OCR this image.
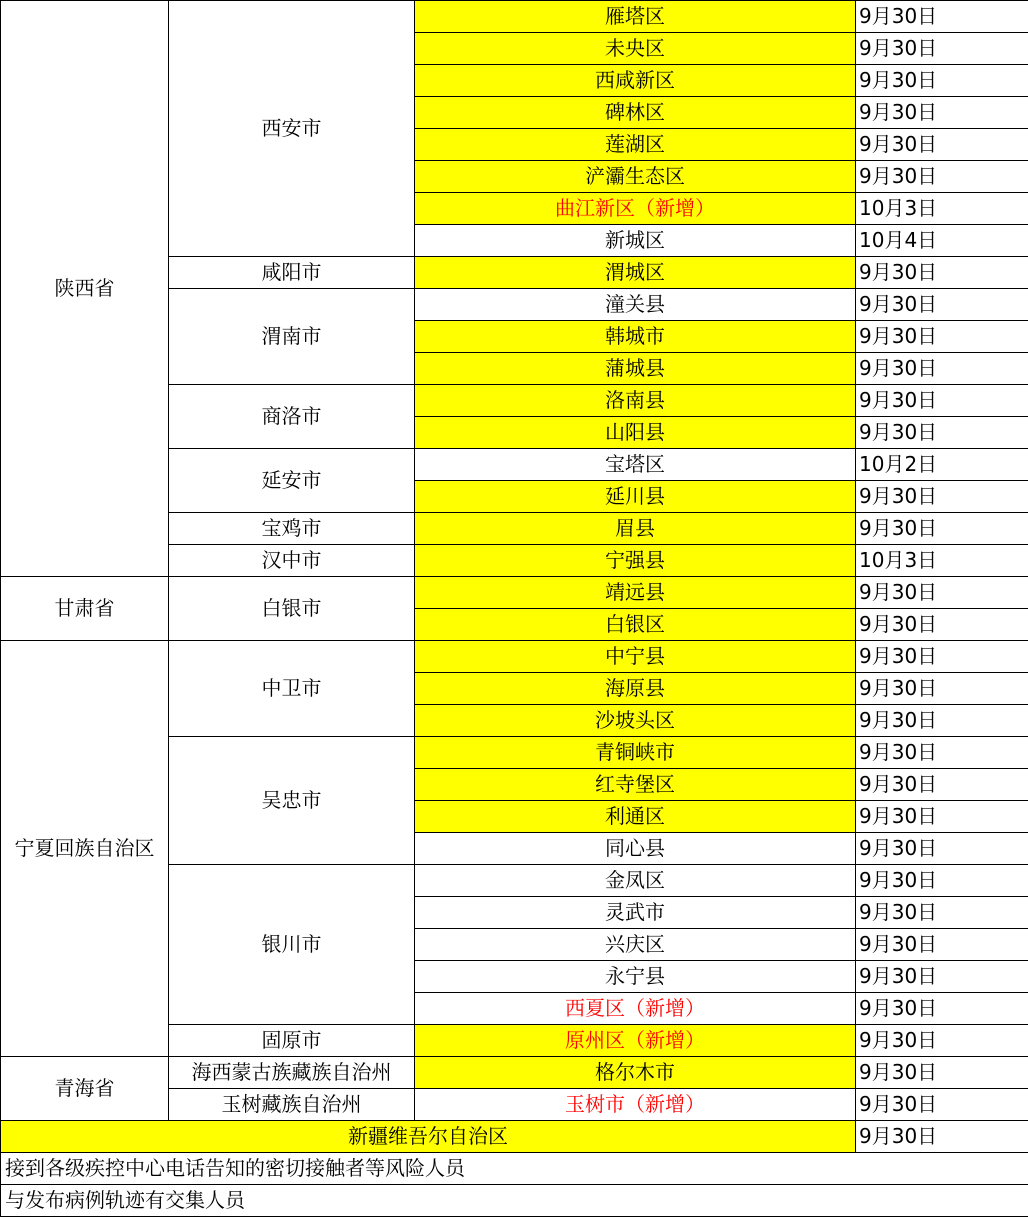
陕西省	西安市	雁塔区	9月30日
		未央区	9月30日
		西咸新区	9月30日
		碑林区	9月30日
		莲湖区	9月30日
		浐灞生态区	9月30日
		曲江新区（新增）	10月3日
		新城区	10月4日
	咸阳市	渭城区	9月30日
	渭南市	潼关县	9月30日
		韩城市	9月30日
		蒲城县	9月30日
	商洛市	洛南县	9月30日
		山阳县	9月30日
	延安市	宝塔区	10月2日
		延川县	9月30日
	宝鸡市	眉县	9月30日
	汉中市	宁强县	10月3日
甘肃省	白银市	靖远县	9月30日
		白银区	9月30日
宁夏回族自治区	中卫市	中宁县	9月30日
		海原县	9月30日
		沙坡头区	9月30日
	吴忠市	青铜峡市	9月30日
		红寺堡区	9月30日
		利通区	9月30日
		同心县	9月30日
	银川市	金凤区	9月30日
		灵武市	9月30日
		兴庆区	9月30日
		永宁县	9月30日
		西夏区（新增）	9月30日
	固原市	原州区（新增）	9月30日
青海省	海西蒙古族藏族自治州	格尔木市	9月30日
	玉树藏族自治州	玉树市（新增）	9月30日
新疆维吾尔自治区			9月30日
接到各级疾控中心电话告知的密切接触者等风险人员			
与发布病例轨迹有交集人员			
